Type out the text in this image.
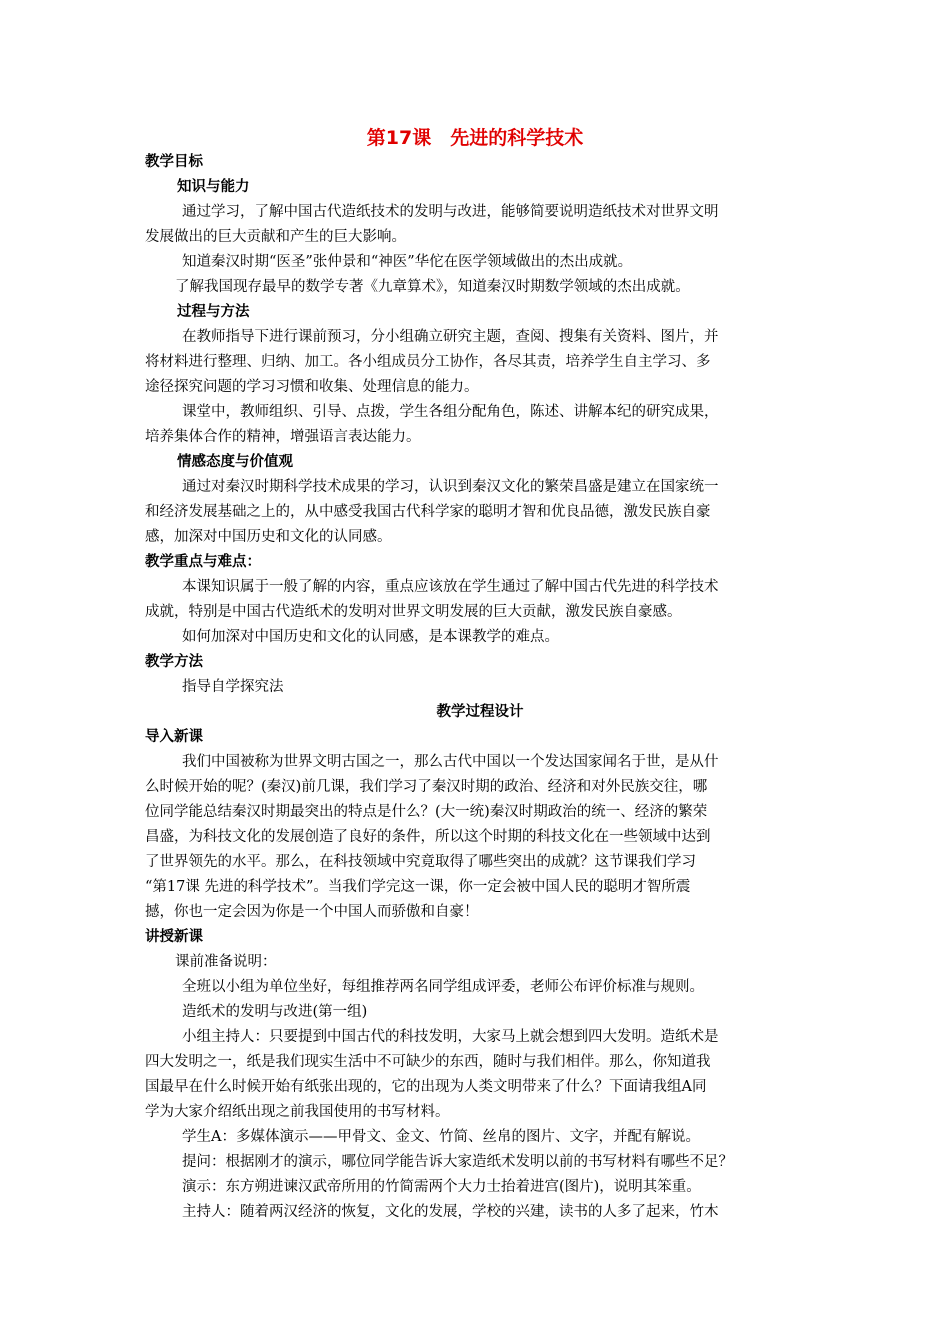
第17课　先进的科学技术
教学目标
知识与能力
通过学习，了解中国古代造纸技术的发明与改进，能够简要说明造纸技术对世界文明
发展做出的巨大贡献和产生的巨大影响。
知道秦汉时期“医圣”张仲景和“神医”华佗在医学领域做出的杰出成就。
了解我国现存最早的数学专著《九章算术》，知道秦汉时期数学领域的杰出成就。
过程与方法
在教师指导下进行课前预习，分小组确立研究主题，查阅、搜集有关资料、图片，并
将材料进行整理、归纳、加工。各小组成员分工协作，各尽其责，培养学生自主学习、多
途径探究问题的学习习惯和收集、处理信息的能力。
课堂中，教师组织、引导、点拨，学生各组分配角色，陈述、讲解本纪的研究成果，
培养集体合作的精神，增强语言表达能力。
情感态度与价值观
通过对秦汉时期科学技术成果的学习，认识到秦汉文化的繁荣昌盛是建立在国家统一
和经济发展基础之上的，从中感受我国古代科学家的聪明才智和优良品德，激发民族自豪
感，加深对中国历史和文化的认同感。
教学重点与难点：
本课知识属于一般了解的内容，重点应该放在学生通过了解中国古代先进的科学技术
成就，特别是中国古代造纸术的发明对世界文明发展的巨大贡献，激发民族自豪感。
如何加深对中国历史和文化的认同感，是本课教学的难点。
教学方法
指导自学探究法
教学过程设计
导入新课
我们中国被称为世界文明古国之一，那么古代中国以一个发达国家闻名于世，是从什
么时候开始的呢？(秦汉)前几课，我们学习了秦汉时期的政治、经济和对外民族交往，哪
位同学能总结秦汉时期最突出的特点是什么？(大一统)秦汉时期政治的统一、经济的繁荣
昌盛，为科技文化的发展创造了良好的条件，所以这个时期的科技文化在一些领域中达到
了世界领先的水平。那么，在科技领域中究竟取得了哪些突出的成就？这节课我们学习
“第17课 先进的科学技术”。当我们学完这一课，你一定会被中国人民的聪明才智所震
撼，你也一定会因为你是一个中国人而骄傲和自豪！
讲授新课
课前准备说明：
全班以小组为单位坐好，每组推荐两名同学组成评委，老师公布评价标准与规则。
造纸术的发明与改进(第一组)
小组主持人：只要提到中国古代的科技发明，大家马上就会想到四大发明。造纸术是
四大发明之一，纸是我们现实生活中不可缺少的东西，随时与我们相伴。那么，你知道我
国最早在什么时候开始有纸张出现的，它的出现为人类文明带来了什么？下面请我组A同
学为大家介绍纸出现之前我国使用的书写材料。
学生A：多媒体演示——甲骨文、金文、竹简、丝帛的图片、文字，并配有解说。
提问：根据刚才的演示，哪位同学能告诉大家造纸术发明以前的书写材料有哪些不足？
演示：东方朔进谏汉武帝所用的竹简需两个大力士抬着进宫(图片)，说明其笨重。
主持人：随着两汉经济的恢复，文化的发展，学校的兴建，读书的人多了起来，竹木
